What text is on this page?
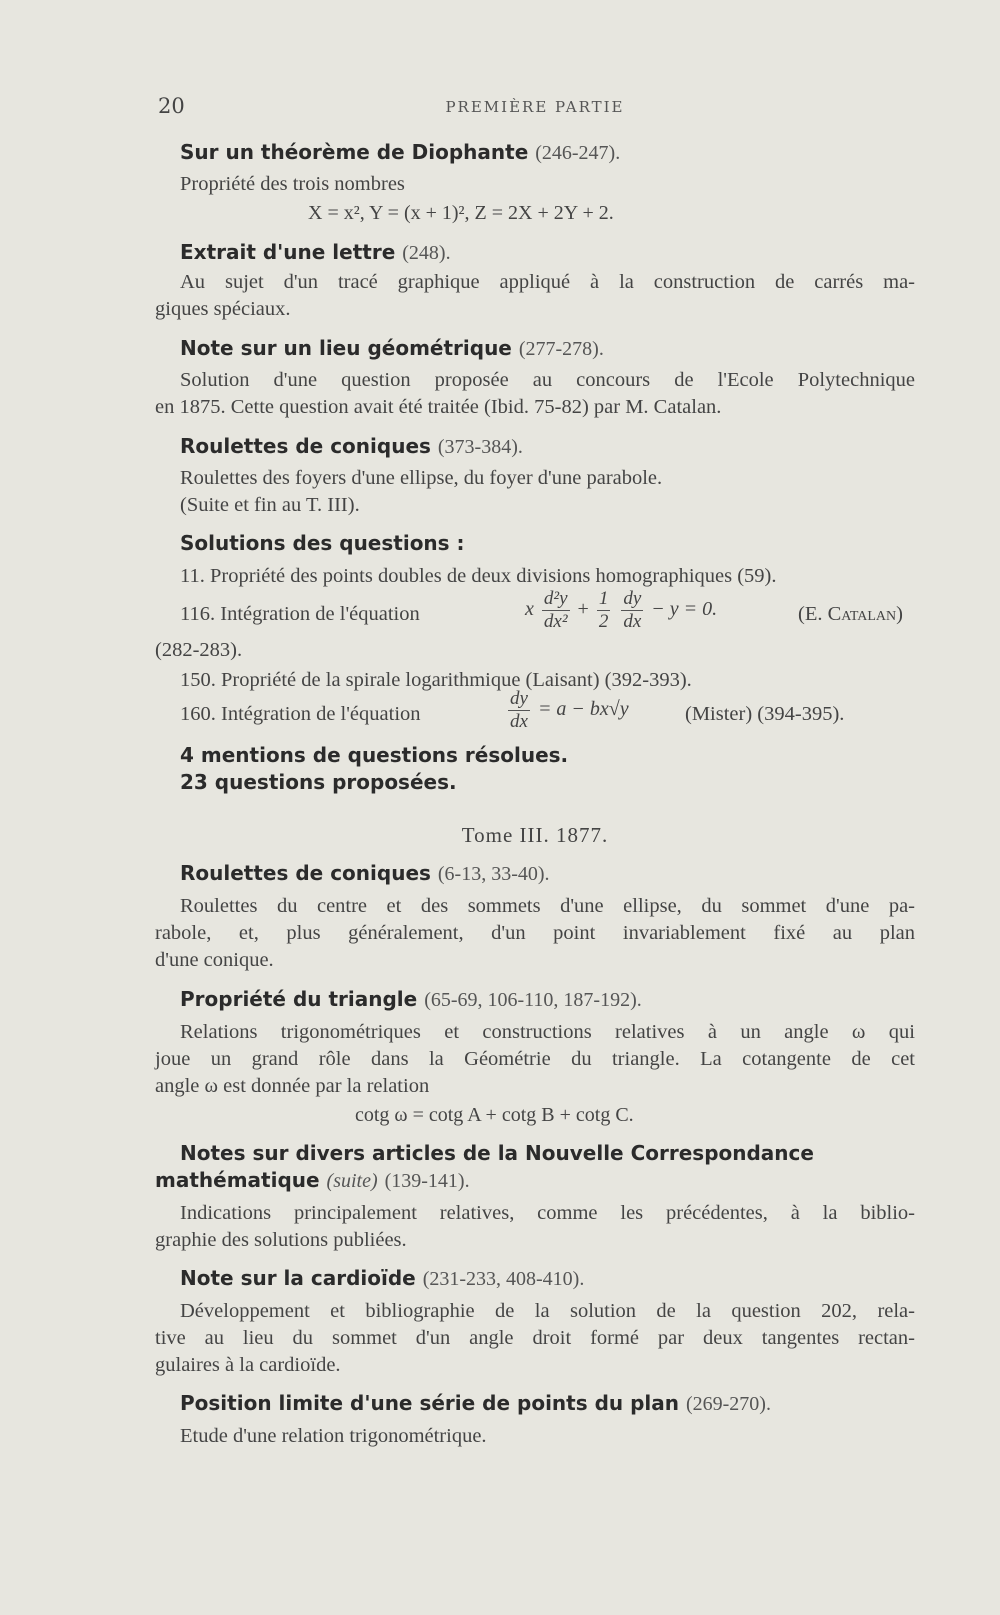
20	PREMIÈRE PARTIE
Sur un théorème de Diophante (246-247).
Propriété des trois nombres
X = x², Y = (x + 1)², Z = 2X + 2Y + 2.
Extrait d'une lettre (248).
Au sujet d'un tracé graphique appliqué à la construction de carrés ma-
giques spéciaux.
Note sur un lieu géométrique (277-278).
Solution d'une question proposée au concours de l'Ecole Polytechnique
en 1875. Cette question avait été traitée (Ibid. 75-82) par M. Catalan.
Roulettes de coniques (373-384).
Roulettes des foyers d'une ellipse, du foyer d'une parabole.
(Suite et fin au T. III).
Solutions des questions :
11. Propriété des points doubles de deux divisions homographiques (59).
116. Intégration de l'équation	x $\frac{\text{d²y}}{\text{dx²}} + \frac{1}{2}$
$\frac{dy}{dx} - y = 0$.	(E. Catalan)
(282-283).
150. Propriété de la spirale logarithmique (Laisant) (392-393).
160. Intégration de l'équation	$\frac{dy}{dx} = a - bx√y$	(Mister) (394-395).
4 mentions de questions résolues.
23 questions proposées.
Tome III. 1877.
Roulettes de coniques (6-13, 33-40).
Roulettes du centre et des sommets d'une ellipse, du sommet d'une pa-
rabole, et, plus généralement, d'un point invariablement fixé au plan
d'une conique.
Propriété du triangle (65-69, 106-110, 187-192).
Relations trigonométriques et constructions relatives à un angle ω qui
joue un grand rôle dans la Géométrie du triangle. La cotangente de cet
angle ω est donnée par la relation
cotg ω = cotg A + cotg B + cotg C.
Notes sur divers articles de la Nouvelle Correspondance
mathématique (suite) (139-141).
Indications principalement relatives, comme les précédentes, à la biblio-
graphie des solutions publiées.
Note sur la cardioïde (231-233, 408-410).
Développement et bibliographie de la solution de la question 202, rela-
tive au lieu du sommet d'un angle droit formé par deux tangentes rectan-
gulaires à la cardioïde.
Position limite d'une série de points du plan (269-270).
Etude d'une relation trigonométrique.
